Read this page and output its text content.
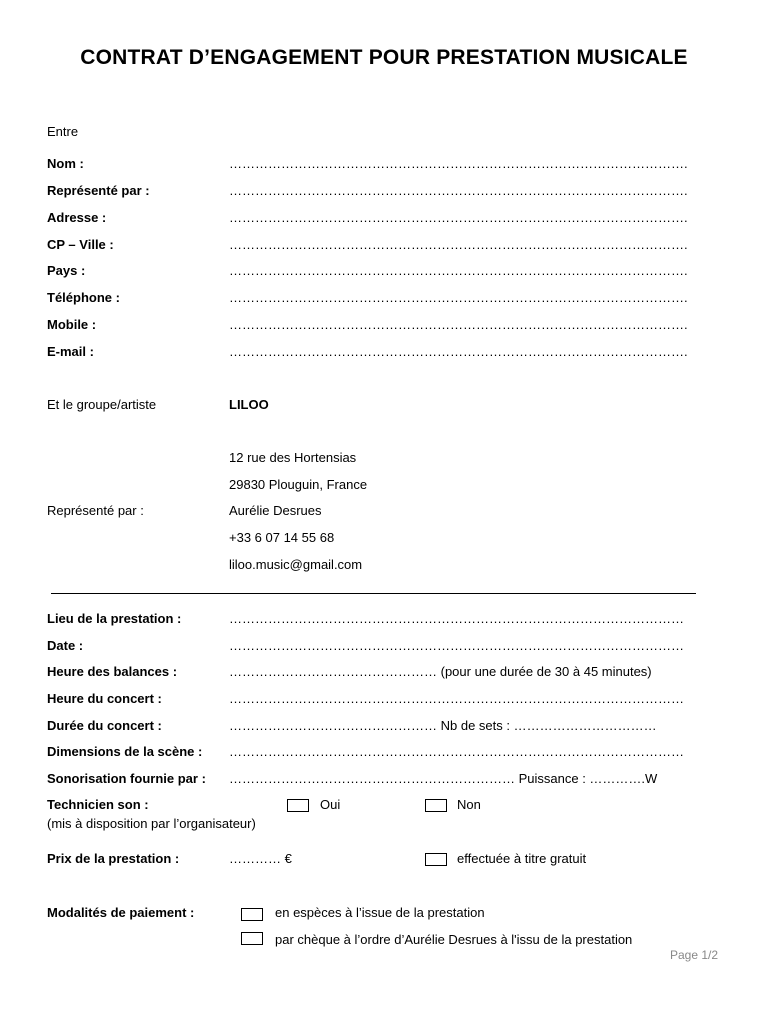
CONTRAT D’ENGAGEMENT POUR PRESTATION MUSICALE
Entre
Nom :	…………………………………………………………………………………………….
Représenté par :	…………………………………………………………………………………………….
Adresse :	…………………………………………………………………………………………….
CP – Ville :	…………………………………………………………………………………………….
Pays :	…………………………………………………………………………………………….
Téléphone :	…………………………………………………………………………………………….
Mobile :	…………………………………………………………………………………………….
E-mail :	…………………………………………………………………………………………….
Et le groupe/artiste	LILOO
12 rue des Hortensias
29830 Plouguin, France
Représenté par :	Aurélie Desrues
+33 6 07 14 55 68
liloo.music@gmail.com
Lieu de la prestation :	……………………………………………………………………………………………
Date :	……………………………………………………………………………………………
Heure des balances :	………………………………………… (pour une durée de 30 à 45 minutes)
Heure du concert :	……………………………………………………………………………………………
Durée du concert :	………………………………………… Nb de sets : ……………………………
Dimensions de la scène : ……………………………………………………………………………………………
Sonorisation fournie par : ………………………………………………………… Puissance : ………….W
Technicien son :
(mis à disposition par l’organisateur)
Oui	Non
Prix de la prestation :	………… €	effectuée à titre gratuit
Modalités de paiement :	en espèces à l’issue de la prestation
par chèque à l’ordre d’Aurélie Desrues à l'issu de la prestation
Page 1/2
